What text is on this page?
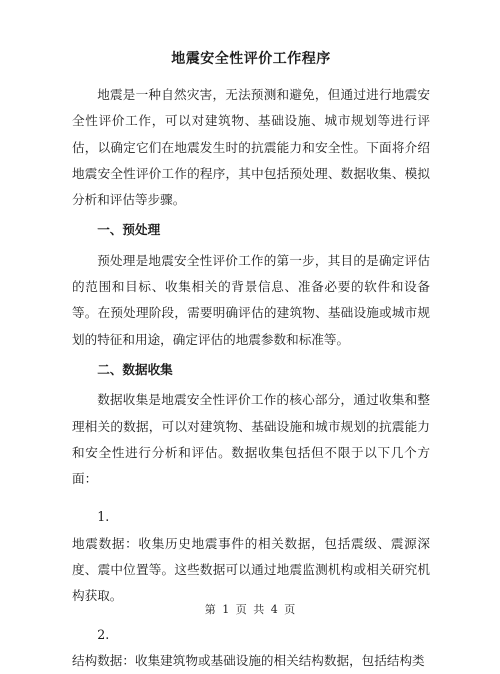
地震安全性评价工作程序

地震是一种自然灾害，无法预测和避免，但通过进行地震安全性评价工作，可以对建筑物、基础设施、城市规划等进行评估，以确定它们在地震发生时的抗震能力和安全性。下面将介绍地震安全性评价工作的程序，其中包括预处理、数据收集、模拟分析和评估等步骤。

一、预处理

预处理是地震安全性评价工作的第一步，其目的是确定评估的范围和目标、收集相关的背景信息、准备必要的软件和设备等。在预处理阶段，需要明确评估的建筑物、基础设施或城市规划的特征和用途，确定评估的地震参数和标准等。

二、数据收集

数据收集是地震安全性评价工作的核心部分，通过收集和整理相关的数据，可以对建筑物、基础设施和城市规划的抗震能力和安全性进行分析和评估。数据收集包括但不限于以下几个方面：

1.

地震数据：收集历史地震事件的相关数据，包括震级、震源深度、震中位置等。这些数据可以通过地震监测机构或相关研究机构获取。

2.

结构数据：收集建筑物或基础设施的相关结构数据，包括结构类

第 1 页 共 4 页
